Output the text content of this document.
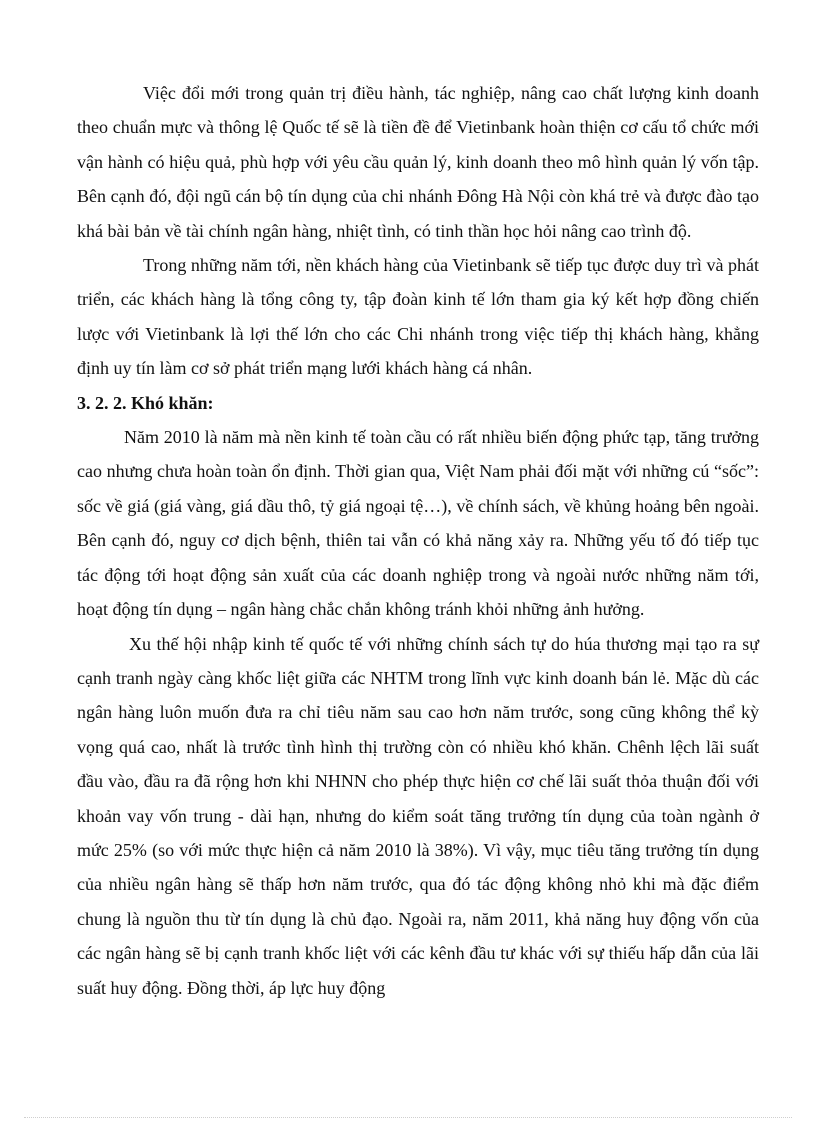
Việc đổi mới trong quản trị điều hành, tác nghiệp, nâng cao chất lượng kinh doanh theo chuẩn mực và thông lệ Quốc tế sẽ là tiền đề để Vietinbank hoàn thiện cơ cấu tổ chức mới vận hành có hiệu quả, phù hợp với yêu cầu quản lý, kinh doanh theo mô hình quản lý vốn tập. Bên cạnh đó, đội ngũ cán bộ tín dụng của chi nhánh Đông Hà Nội còn khá trẻ và được đào tạo khá bài bản về tài chính ngân hàng, nhiệt tình, có tinh thần học hỏi nâng cao trình độ.

Trong những năm tới, nền khách hàng của Vietinbank sẽ tiếp tục được duy trì và phát triển, các khách hàng là tổng công ty, tập đoàn kinh tế lớn tham gia ký kết hợp đồng chiến lược với Vietinbank là lợi thế lớn cho các Chi nhánh trong việc tiếp thị khách hàng, khẳng định uy tín làm cơ sở phát triển mạng lưới khách hàng cá nhân.

3. 2. 2. Khó khăn:

Năm 2010 là năm mà nền kinh tế toàn cầu có rất nhiều biến động phức tạp, tăng trưởng cao nhưng chưa hoàn toàn ổn định. Thời gian qua, Việt Nam phải đối mặt với những cú “sốc”: sốc về giá (giá vàng, giá dầu thô, tỷ giá ngoại tệ…), về chính sách, về khủng hoảng bên ngoài. Bên cạnh đó, nguy cơ dịch bệnh, thiên tai vẫn có khả năng xảy ra. Những yếu tố đó tiếp tục tác động tới hoạt động sản xuất của các doanh nghiệp trong và ngoài nước những năm tới, hoạt động tín dụng – ngân hàng chắc chắn không tránh khỏi những ảnh hưởng.

Xu thế hội nhập kinh tế quốc tế với những chính sách tự do húa thương mại tạo ra sự cạnh tranh ngày càng khốc liệt giữa các NHTM trong lĩnh vực kinh doanh bán lẻ. Mặc dù các ngân hàng luôn muốn đưa ra chỉ tiêu năm sau cao hơn năm trước, song cũng không thể kỳ vọng quá cao, nhất là trước tình hình thị trường còn có nhiều khó khăn. Chênh lệch lãi suất đầu vào, đầu ra đã rộng hơn khi NHNN cho phép thực hiện cơ chế lãi suất thỏa thuận đối với khoản vay vốn trung - dài hạn, nhưng do kiểm soát tăng trưởng tín dụng của toàn ngành ở mức 25% (so với mức thực hiện cả năm 2010 là 38%). Vì vậy, mục tiêu tăng trưởng tín dụng của nhiều ngân hàng sẽ thấp hơn năm trước, qua đó tác động không nhỏ khi mà đặc điểm chung là nguồn thu từ tín dụng là chủ đạo. Ngoài ra, năm 2011, khả năng huy động vốn của các ngân hàng sẽ bị cạnh tranh khốc liệt với các kênh đầu tư khác với sự thiếu hấp dẫn của lãi suất huy động. Đồng thời, áp lực huy động
